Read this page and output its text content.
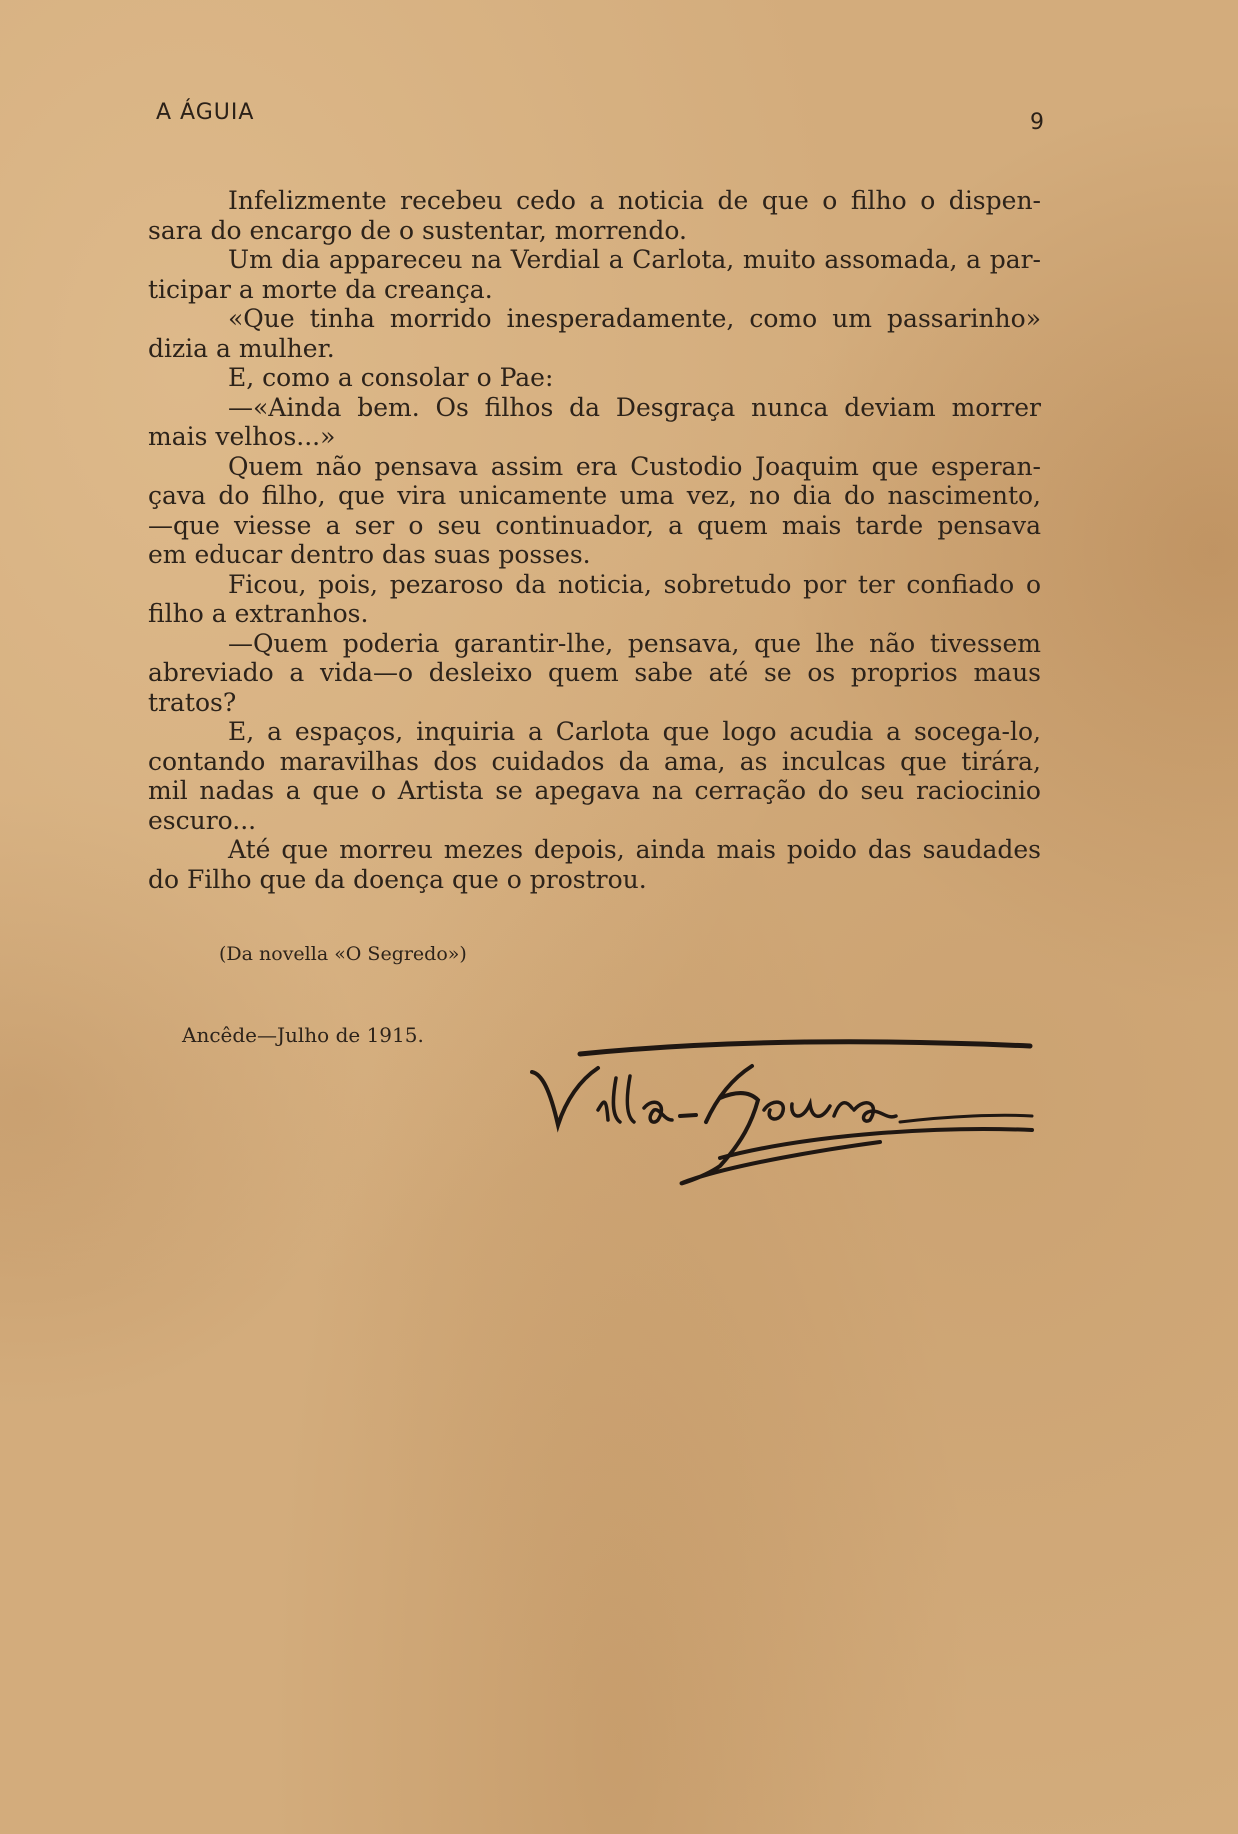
A ÁGUIA	9
Infelizmente recebeu cedo a noticia de que o filho o dispen-
sara do encargo de o sustentar, morrendo.
Um dia appareceu na Verdial a Carlota, muito assomada, a par-
ticipar a morte da creança.
«Que tinha morrido inesperadamente, como um passarinho»
dizia a mulher.
E, como a consolar o Pae:
—«Ainda bem. Os filhos da Desgraça nunca deviam morrer
mais velhos...»
Quem não pensava assim era Custodio Joaquim que esperan-
çava do filho, que vira unicamente uma vez, no dia do nascimento,
—que viesse a ser o seu continuador, a quem mais tarde pensava
em educar dentro das suas posses.
Ficou, pois, pezaroso da noticia, sobretudo por ter confiado o
filho a extranhos.
—Quem poderia garantir-lhe, pensava, que lhe não tivessem
abreviado a vida—o desleixo quem sabe até se os proprios maus
tratos?
E, a espaços, inquiria a Carlota que logo acudia a socega-lo,
contando maravilhas dos cuidados da ama, as inculcas que tirára,
mil nadas a que o Artista se apegava na cerração do seu raciocinio
escuro...
Até que morreu mezes depois, ainda mais poido das saudades
do Filho que da doença que o prostrou.
(Da novella «O Segredo»)
Ancêde—Julho de 1915.
